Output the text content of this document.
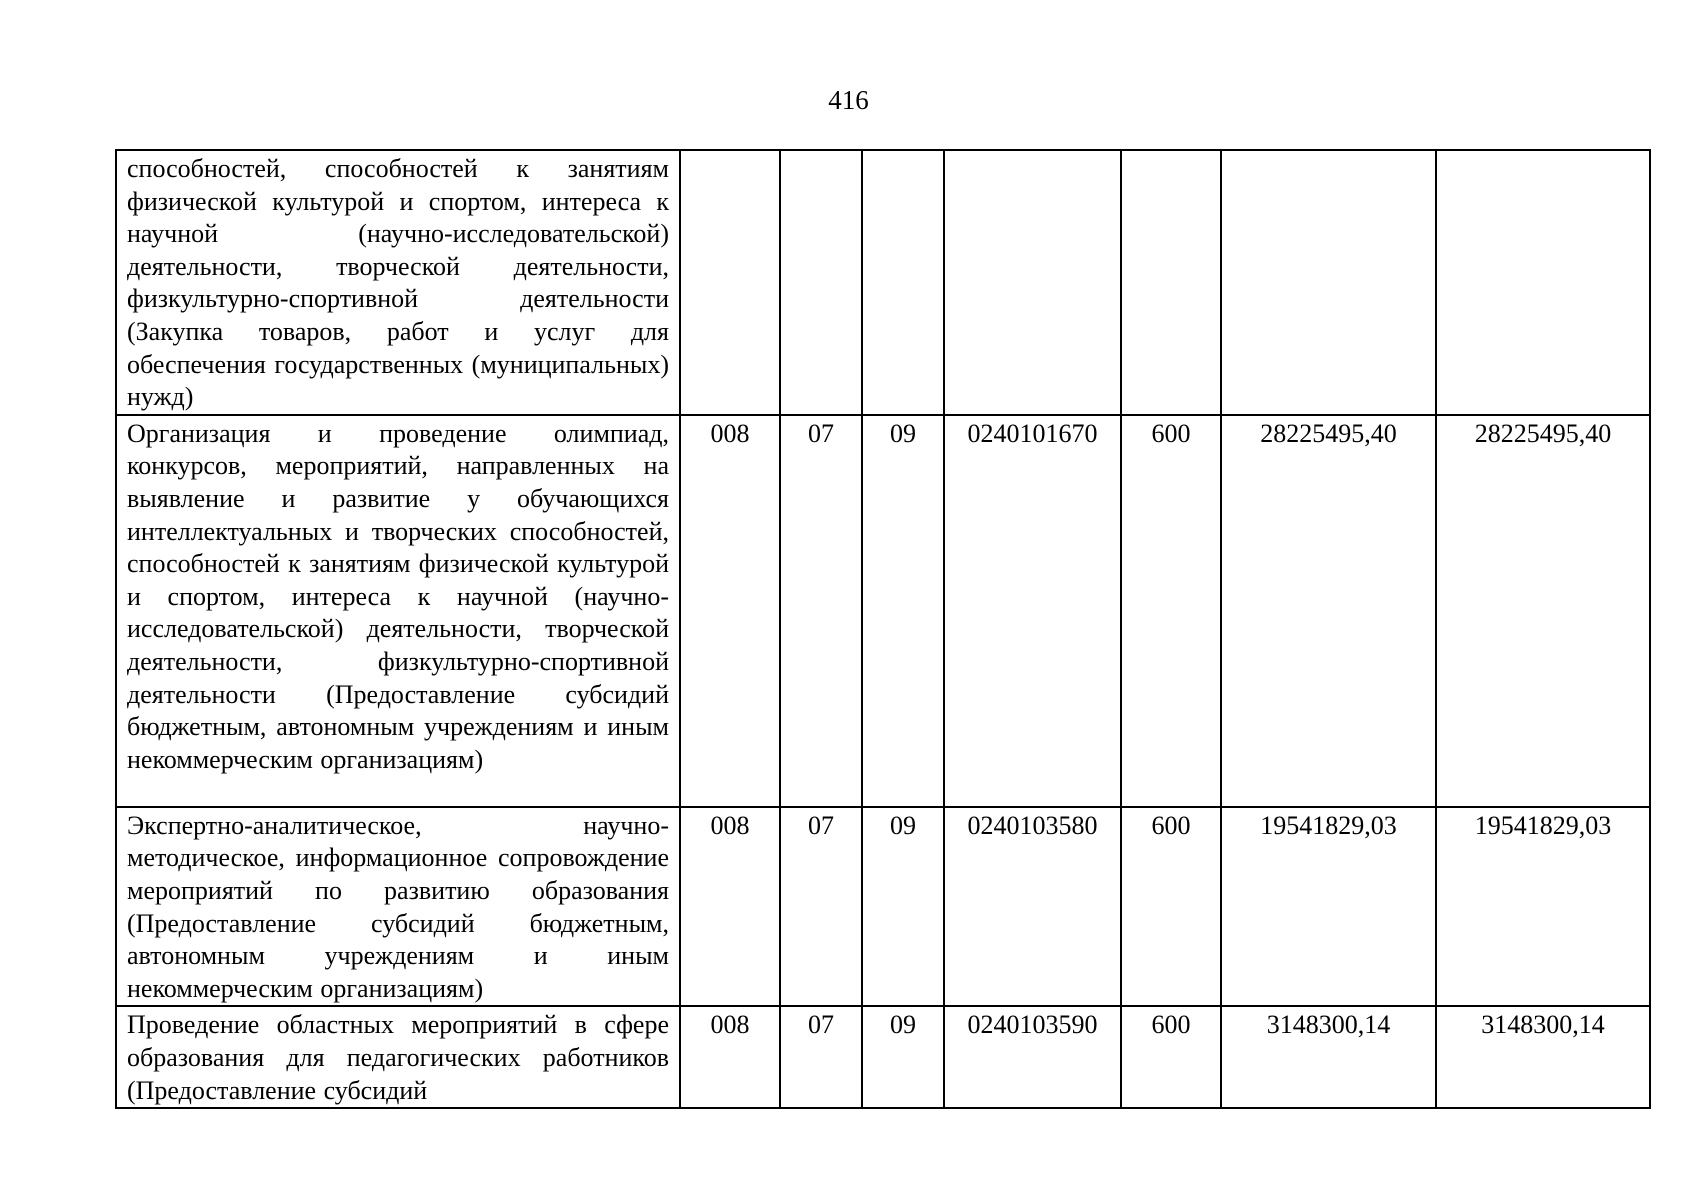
416
способностей, способностей к занятиям физической культурой и спортом, интереса к научной (научно-исследовательской) деятельности, творческой деятельности, физкультурно-спортивной деятельности (Закупка товаров, работ и услуг для обеспечения государственных (муниципальных) нужд)							
Организация и проведение олимпиад, конкурсов, мероприятий, направленных на выявление и развитие у обучающихся интеллектуальных и творческих способностей, способностей к занятиям физической культурой и спортом, интереса к научной (научно-исследовательской) деятельности, творческой деятельности, физкультурно-спортивной деятельности (Предоставление субсидий бюджетным, автономным учреждениям и иным некоммерческим организациям)	008	07	09	0240101670	600	28225495,40	28225495,40
Экспертно-аналитическое, научно-методическое, информационное сопровождение мероприятий по развитию образования (Предоставление субсидий бюджетным, автономным учреждениям и иным некоммерческим организациям)	008	07	09	0240103580	600	19541829,03	19541829,03
Проведение областных мероприятий в сфере образования для педагогических работников (Предоставление субсидий	008	07	09	0240103590	600	3148300,14	3148300,14
